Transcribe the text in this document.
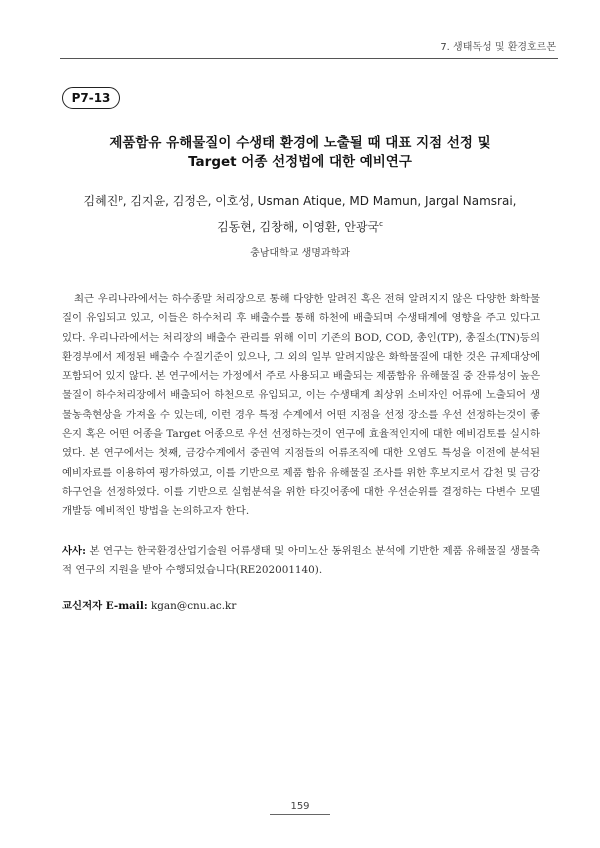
7. 생태독성 및 환경호르몬
P7-13
제품함유 유해물질이 수생태 환경에 노출될 때 대표 지점 선정 및
Target 어종 선정법에 대한 예비연구
김혜진$^p$, 김지윤, 김정은, 이호성, Usman Atique, MD Mamun, Jargal Namsrai,
김동현, 김창해, 이영환, 안광국$^c$
충남대학교 생명과학과

최근 우리나라에서는 하수종말 처리장으로 통해 다양한 알려진 혹은 전혀 알려지지 않은 다양한 화학물질이 유입되고 있고, 이들은 하수처리 후 배출수를 통해 하천에 배출되며 수생태계에 영향을 주고 있다고 있다. 우리나라에서는 처리장의 배출수 관리를 위해 이미 기존의 BOD, COD, 총인(TP), 총질소(TN)등의 환경부에서 제정된 배출수 수질기준이 있으나, 그 외의 일부 알려지않은 화학물질에 대한 것은 규제대상에 포함되어 있지 않다. 본 연구에서는 가정에서 주로 사용되고 배출되는 제품함유 유해물질 중 잔류성이 높은물질이 하수처리장에서 배출되어 하천으로 유입되고, 이는 수생태계 최상위 소비자인 어류에 노출되어 생물농축현상을 가져올 수 있는데, 이런 경우 특정 수계에서 어떤 지점을 선정 장소를 우선 선정하는것이 좋은지 혹은 어떤 어종을 Target 어종으로 우선 선정하는것이 연구에 효율적인지에 대한 예비검토를 실시하였다. 본 연구에서는 첫째, 금강수계에서 중권역 지점들의 어류조직에 대한 오염도 특성을 이전에 분석된 예비자료를 이용하여 평가하였고, 이를 기반으로 제품 함유 유해물질 조사를 위한 후보지로서 갑천 및 금강 하구언을 선정하였다. 이를 기반으로 실험분석을 위한 타깃어종에 대한 우선순위를 결정하는 다변수 모델 개발등 예비적인 방법을 논의하고자 한다.

사사: 본 연구는 한국환경산업기술원 어류생태 및 아미노산 동위원소 분석에 기반한 제품 유해물질 생물축적 연구의 지원을 받아 수행되었습니다(RE202001140).
교신저자 E-mail: kgan@cnu.ac.kr
159
